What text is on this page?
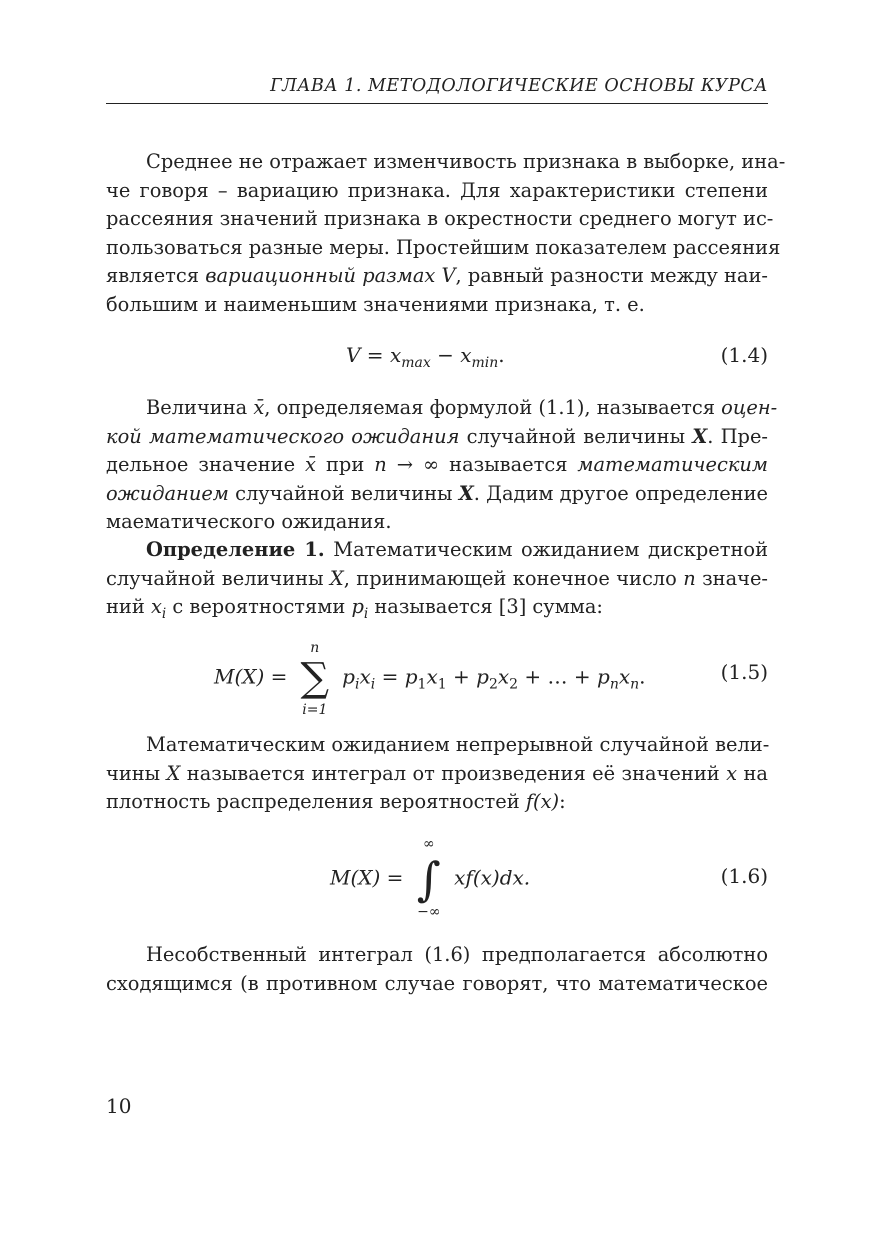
ГЛАВА 1. МЕТОДОЛОГИЧЕСКИЕ ОСНОВЫ КУРСА
Среднее не отражает изменчивость признака в выборке, ина-
че говоря – вариацию признака. Для характеристики степени
рассеяния значений признака в окрестности среднего могут ис-
пользоваться разные меры. Простейшим показателем рассеяния
является вариационный размах V, равный разности между наи-
большим и наименьшим значениями признака, т. е.
$V = x_{max} - x_{min}$.	(1.4)
Величина x̄, определяемая формулой (1.1), называется оцен-
кой математического ожидания случайной величины X. Пре-
дельное значение x̄ при n → ∞ называется математическим
ожиданием случайной величины X. Дадим другое определение
маематического ожидания.
Определение 1. Математическим ожиданием дискретной
случайной величины X, принимающей конечное число n значе-
ний $x_i$ с вероятностями $p_i$ называется [3] сумма:
M(X) =
n
∑
i=1
$p_ix_i = p_1x_1 + p_2x_2$ + … + $p_nx_n$.	(1.5)
Математическим ожиданием непрерывной случайной вели-
чины X называется интеграл от произведения её значений x на
плотность распределения вероятностей f(x):
M(X) =
∞
∫
−∞
xf(x)dx.	(1.6)
Несобственный интеграл (1.6) предполагается абсолютно
сходящимся (в противном случае говорят, что математическое
10
